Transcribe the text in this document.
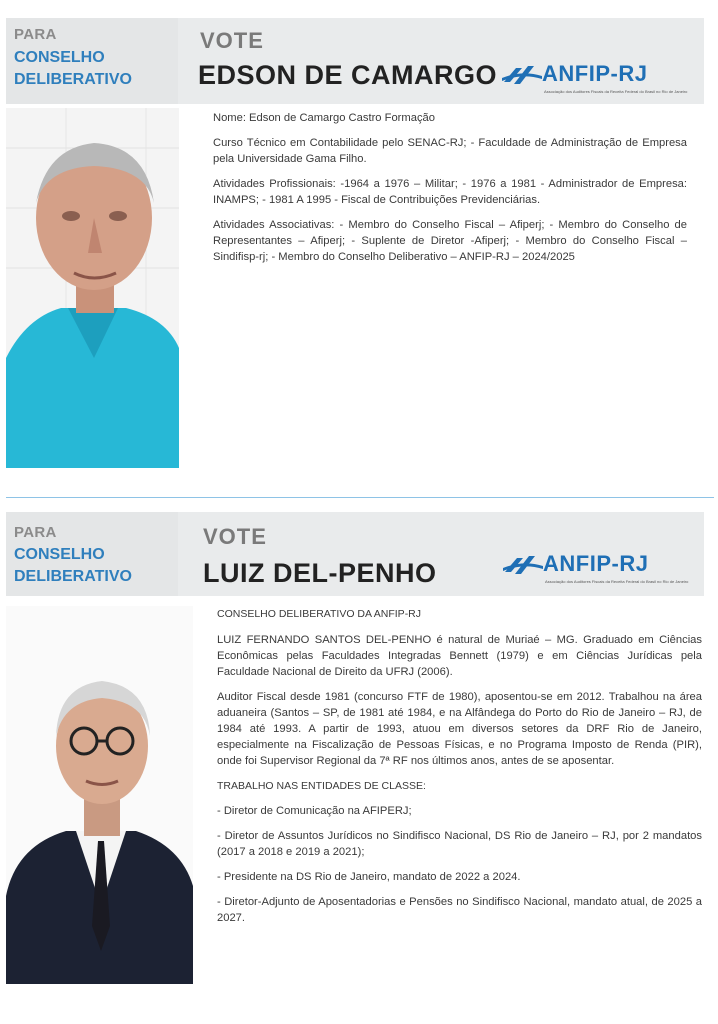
PARA
CONSELHO
DELIBERATIVO
VOTE
EDSON DE CAMARGO ANFIP-RJ
Associação dos Auditores Fiscais da Receita Federal do Brasil no Rio de Janeiro

Nome: Edson de Camargo Castro Formação

Curso Técnico em Contabilidade pelo SENAC-RJ; - Faculdade de Administração de Empresa pela Universidade Gama Filho.

Atividades Profissionais: -1964 a 1976 – Militar; - 1976 a 1981 - Administrador de Empresa: INAMPS; - 1981 A 1995 - Fiscal de Contribuições Previdenciárias.

Atividades Associativas: - Membro do Conselho Fiscal – Afiperj; - Membro do Conselho de Representantes – Afiperj; - Suplente de Diretor -Afiperj; - Membro do Conselho Fiscal – Sindifisp-rj; - Membro do Conselho Deliberativo – ANFIP-RJ – 2024/2025

PARA
CONSELHO
DELIBERATIVO
VOTE
LUIZ DEL-PENHO	ANFIP-RJ
Associação dos Auditores Fiscais da Receita Federal do Brasil no Rio de Janeiro

CONSELHO DELIBERATIVO DA ANFIP-RJ

LUIZ FERNANDO SANTOS DEL-PENHO é natural de Muriaé – MG. Graduado em Ciências Econômicas pelas Faculdades Integradas Bennett (1979) e em Ciências Jurídicas pela Faculdade Nacional de Direito da UFRJ (2006).

Auditor Fiscal desde 1981 (concurso FTF de 1980), aposentou-se em 2012. Trabalhou na área aduaneira (Santos – SP, de 1981 até 1984, e na Alfândega do Porto do Rio de Janeiro – RJ, de 1984 até 1993. A partir de 1993, atuou em diversos setores da DRF Rio de Janeiro, especialmente na Fiscalização de Pessoas Físicas, e no Programa Imposto de Renda (PIR), onde foi Supervisor Regional da 7ª RF nos últimos anos, antes de se aposentar.

TRABALHO NAS ENTIDADES DE CLASSE:

- Diretor de Comunicação na AFIPERJ;

- Diretor de Assuntos Jurídicos no Sindifisco Nacional, DS Rio de Janeiro – RJ, por 2 mandatos (2017 a 2018 e 2019 a 2021);

- Presidente na DS Rio de Janeiro, mandato de 2022 a 2024.

- Diretor-Adjunto de Aposentadorias e Pensões no Sindifisco Nacional, mandato atual, de 2025 a 2027.
